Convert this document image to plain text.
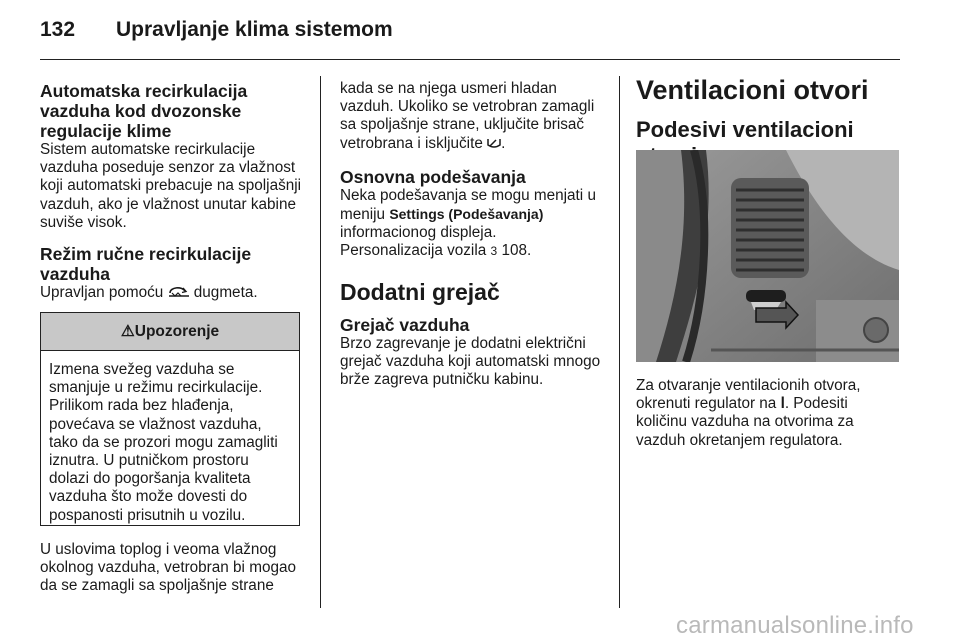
132 Upravljanje klima sistemom
Automatska recirkulacija vazduha kod dvozonske regulacije klime

Sistem automatske recirkulacije vazduha poseduje senzor za vlažnost koji automatski prebacuje na spoljašnji vazduh, ako je vlažnost unutar kabine suviše visok.

Režim ručne recirkulacije vazduha

Upravljan pomoću dugmeta.

⚠Upozorenje
Izmena svežeg vazduha se smanjuje u režimu recirkulacije. Prilikom rada bez hlađenja, povećava se vlažnost vazduha, tako da se prozori mogu zamagliti iznutra. U putničkom prostoru dolazi do pogoršanja kvaliteta vazduha što može dovesti do pospanosti prisutnih u vozilu.
U uslovima toplog i veoma vlažnog okolnog vazduha, vetrobran bi mogao da se zamagli sa spoljašnje strane

kada se na njega usmeri hladan vazduh. Ukoliko se vetrobran zamagli sa spoljašnje strane, uključite brisač vetrobrana i isključite .

Osnovna podešavanja

Neka podešavanja se mogu menjati u meniju Settings (Podešavanja) informacionog displeja.

Personalizacija vozila 3 108.

Dodatni grejač
Grejač vazduha

Brzo zagrevanje je dodatni električni grejač vazduha koji automatski mnogo brže zagreva putničku kabinu.

Ventilacioni otvori
Podesivi ventilacioni
Za otvaranje ventilacionih otvora, okrenuti regulator na l. Podesiti količinu vazduha na otvorima za vazduh okretanjem regulatora.
carmanualsonline.info
